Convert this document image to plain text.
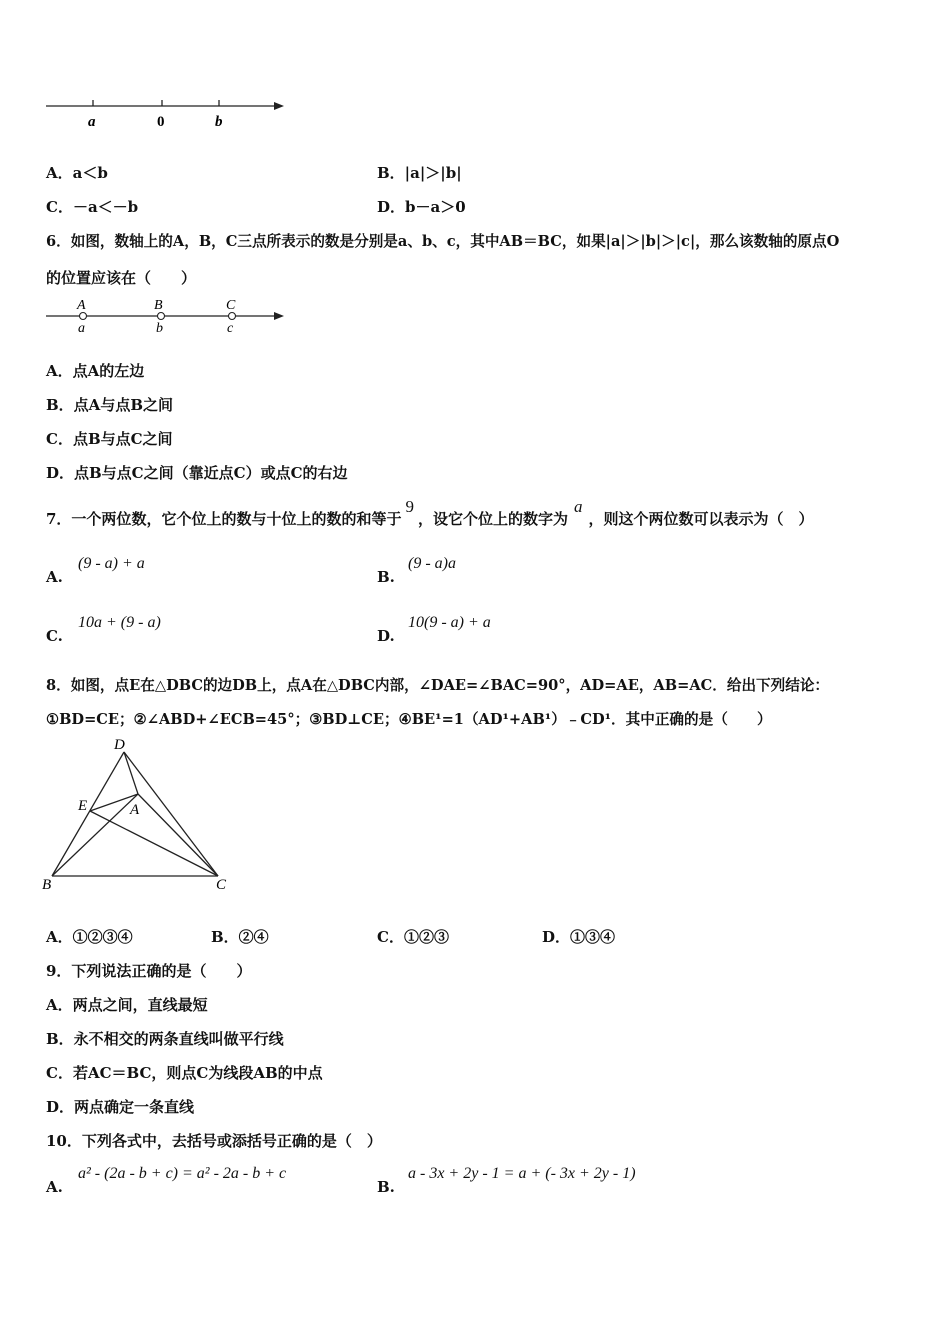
a	0	b
A．a＜b	B．|a|＞|b|
C．－a＜－b	D．b－a＞0
6．如图，数轴上的A，B，C三点所表示的数是分别是a、b、c，其中AB＝BC，如果|a|＞|b|＞|c|，那么该数轴的原点O
的位置应该在（　　）
A	B	C
a	b	c
A．点A的左边
B．点A与点B之间
C．点B与点C之间
D．点B与点C之间（靠近点C）或点C的右边
7．一个两位数，它个位上的数与十位上的数的和等于9，设它个位上的数字为a，则这个两位数可以表示为（　）
A.
(9 - a) + a
B.
(9 - a)a
C.
10a + (9 - a)
D.
10(9 - a) + a
8．如图，点E在△DBC的边DB上，点A在△DBC内部，∠DAE=∠BAC=90°，AD=AE，AB=AC．给出下列结论：
①BD=CE；②∠ABD+∠ECB=45°；③BD⊥CE；④BE¹=1（AD¹+AB¹）﹣CD¹．其中正确的是（　　）
D
E	A
B	C
A．①②③④	B．②④	C．①②③	D．①③④
9．下列说法正确的是（　　）
A．两点之间，直线最短
B．永不相交的两条直线叫做平行线
C．若AC＝BC，则点C为线段AB的中点
D．两点确定一条直线
10．下列各式中，去括号或添括号正确的是（　）
A.
a² - (2a - b + c) = a² - 2a - b + c
B.
a - 3x + 2y - 1 = a + (- 3x + 2y - 1)
